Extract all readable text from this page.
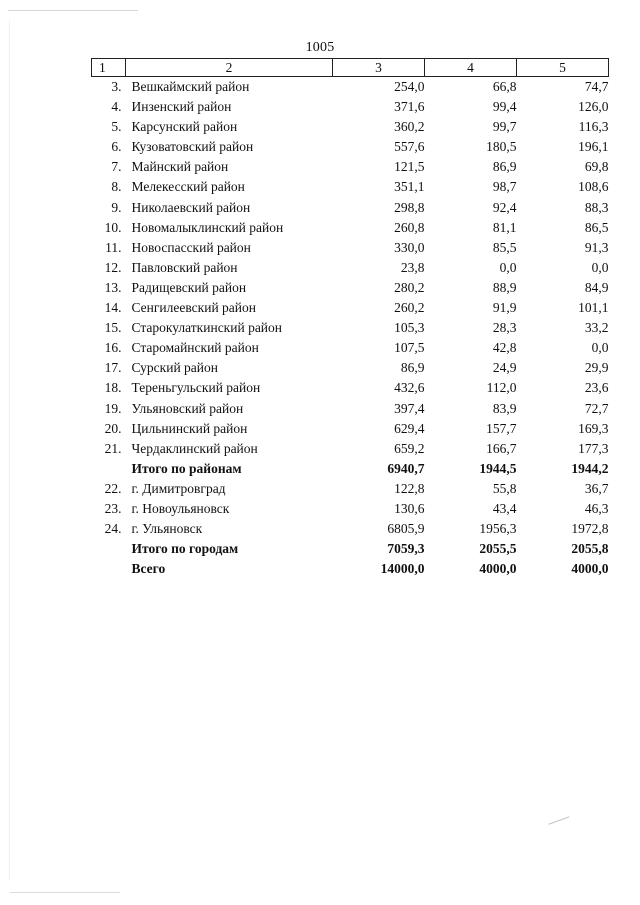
1005
1	2	3	4	5
3.	Вешкаймский район	254,0	66,8	74,7
4.	Инзенский район	371,6	99,4	126,0
5.	Карсунский район	360,2	99,7	116,3
6.	Кузоватовский район	557,6	180,5	196,1
7.	Майнский район	121,5	86,9	69,8
8.	Мелекесский район	351,1	98,7	108,6
9.	Николаевский район	298,8	92,4	88,3
10.	Новомалыклинский район	260,8	81,1	86,5
11.	Новоспасский район	330,0	85,5	91,3
12.	Павловский район	23,8	0,0	0,0
13.	Радищевский район	280,2	88,9	84,9
14.	Сенгилеевский район	260,2	91,9	101,1
15.	Старокулаткинский район	105,3	28,3	33,2
16.	Старомайнский район	107,5	42,8	0,0
17.	Сурский район	86,9	24,9	29,9
18.	Тереньгульский район	432,6	112,0	23,6
19.	Ульяновский район	397,4	83,9	72,7
20.	Цильнинский район	629,4	157,7	169,3
21.	Чердаклинский район	659,2	166,7	177,3
	Итого по районам	6940,7	1944,5	1944,2
22.	г. Димитровград	122,8	55,8	36,7
23.	г. Новоульяновск	130,6	43,4	46,3
24.	г. Ульяновск	6805,9	1956,3	1972,8
	Итого по городам	7059,3	2055,5	2055,8
	Всего	14000,0	4000,0	4000,0
